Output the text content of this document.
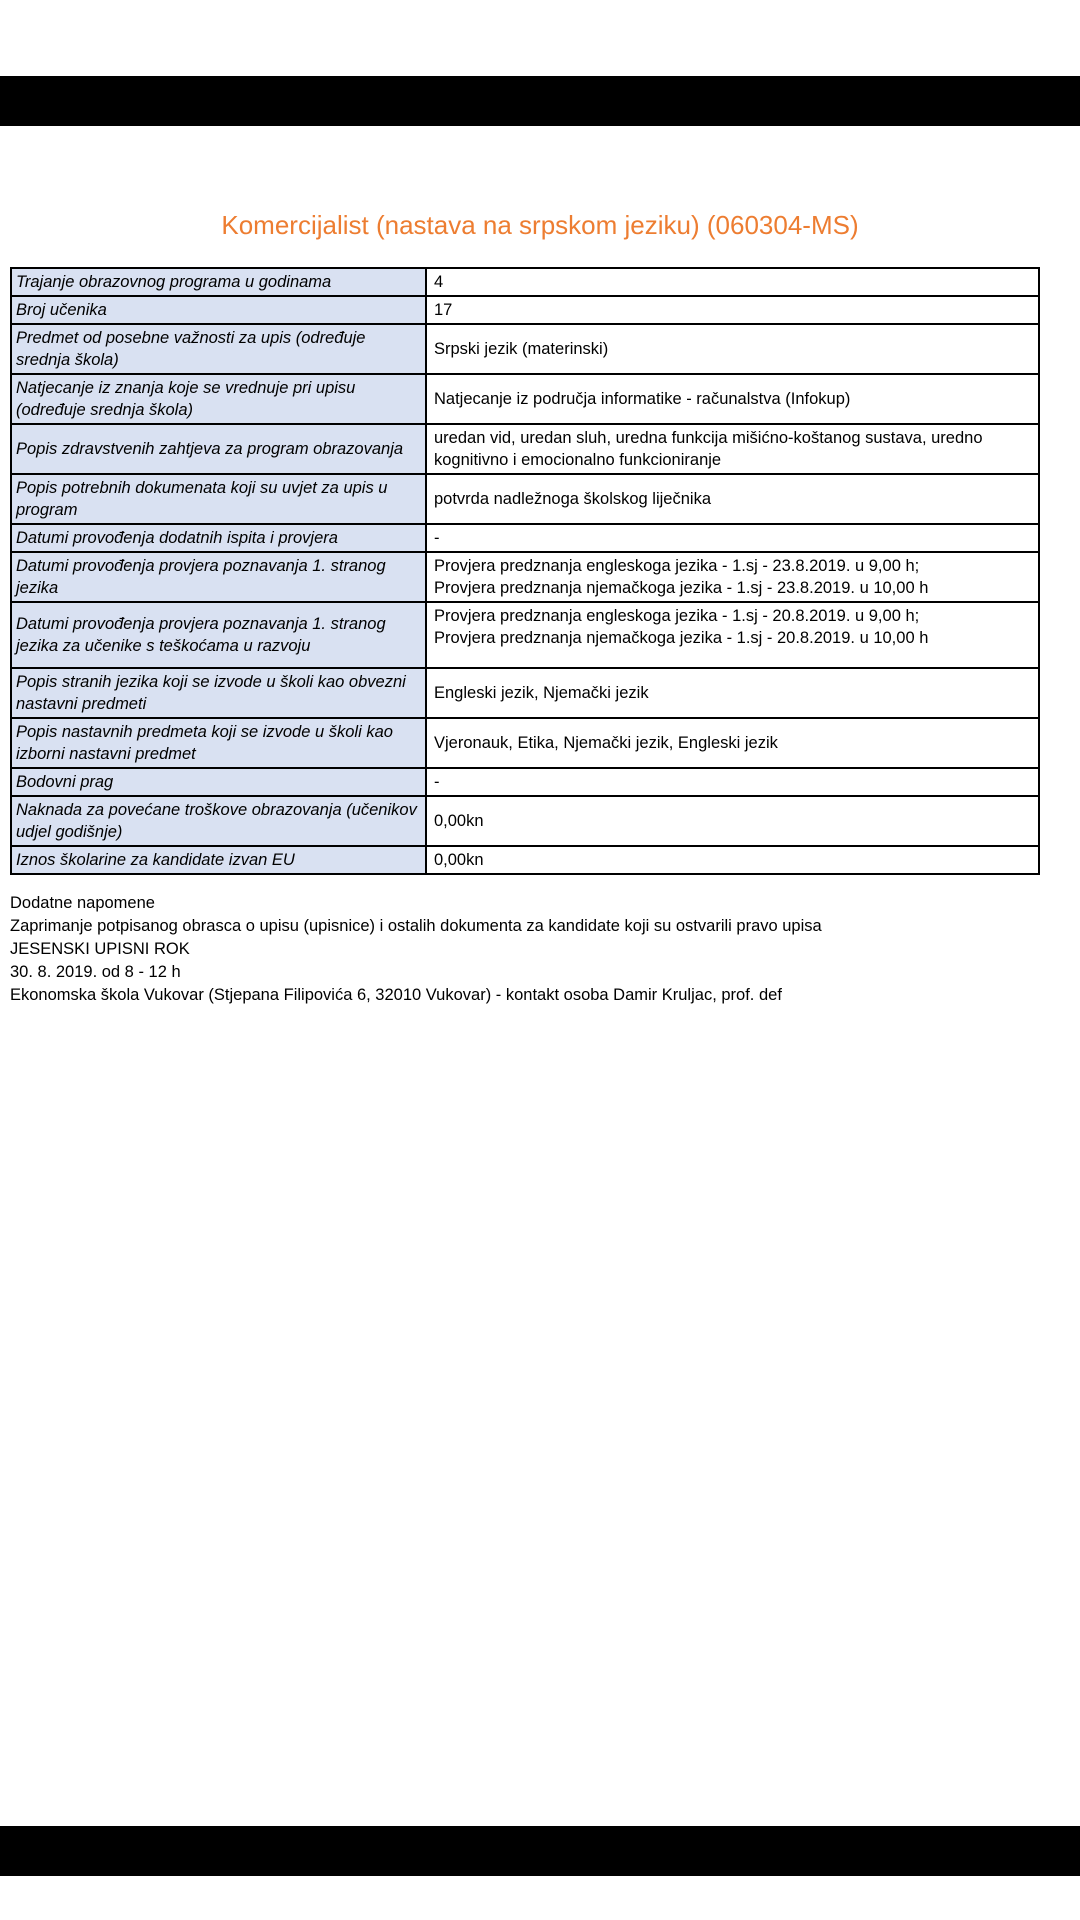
Komercijalist (nastava na srpskom jeziku) (060304-MS)
Trajanje obrazovnog programa u godinama	4

Broj učenika	17

Predmet od posebne važnosti za upis (određuje srednja škola)	Srpski jezik (materinski)

Natjecanje iz znanja koje se vrednuje pri upisu (određuje srednja škola)	Natjecanje iz područja informatike - računalstva (Infokup)

Popis zdravstvenih zahtjeva za program obrazovanja	uredan vid, uredan sluh, uredna funkcija mišićno-koštanog sustava, uredno kognitivno i emocionalno funkcioniranje

Popis potrebnih dokumenata koji su uvjet za upis u program	potvrda nadležnoga školskog liječnika

Datumi provođenja dodatnih ispita i provjera	-

Datumi provođenja provjera poznavanja 1. stranog jezika	Provjera predznanja engleskoga jezika - 1.sj - 23.8.2019. u 9,00 h;
Provjera predznanja njemačkoga jezika - 1.sj - 23.8.2019. u 10,00 h

Datumi provođenja provjera poznavanja 1. stranog jezika za učenike s teškoćama u razvoju	Provjera predznanja engleskoga jezika - 1.sj - 20.8.2019. u 9,00 h;
Provjera predznanja njemačkoga jezika - 1.sj - 20.8.2019. u 10,00 h

Popis stranih jezika koji se izvode u školi kao obvezni nastavni predmeti	Engleski jezik, Njemački jezik

Popis nastavnih predmeta koji se izvode u školi kao izborni nastavni predmet	Vjeronauk, Etika, Njemački jezik, Engleski jezik

Bodovni prag	-

Naknada za povećane troškove obrazovanja (učenikov udjel godišnje)	0,00kn

Iznos školarine za kandidate izvan EU	0,00kn
Dodatne napomene
Zaprimanje potpisanog obrasca o upisu (upisnice) i ostalih dokumenta za kandidate koji su ostvarili pravo upisa
JESENSKI UPISNI ROK
30. 8. 2019. od 8 - 12 h
Ekonomska škola Vukovar (Stjepana Filipovića 6, 32010 Vukovar) - kontakt osoba Damir Kruljac, prof. def
